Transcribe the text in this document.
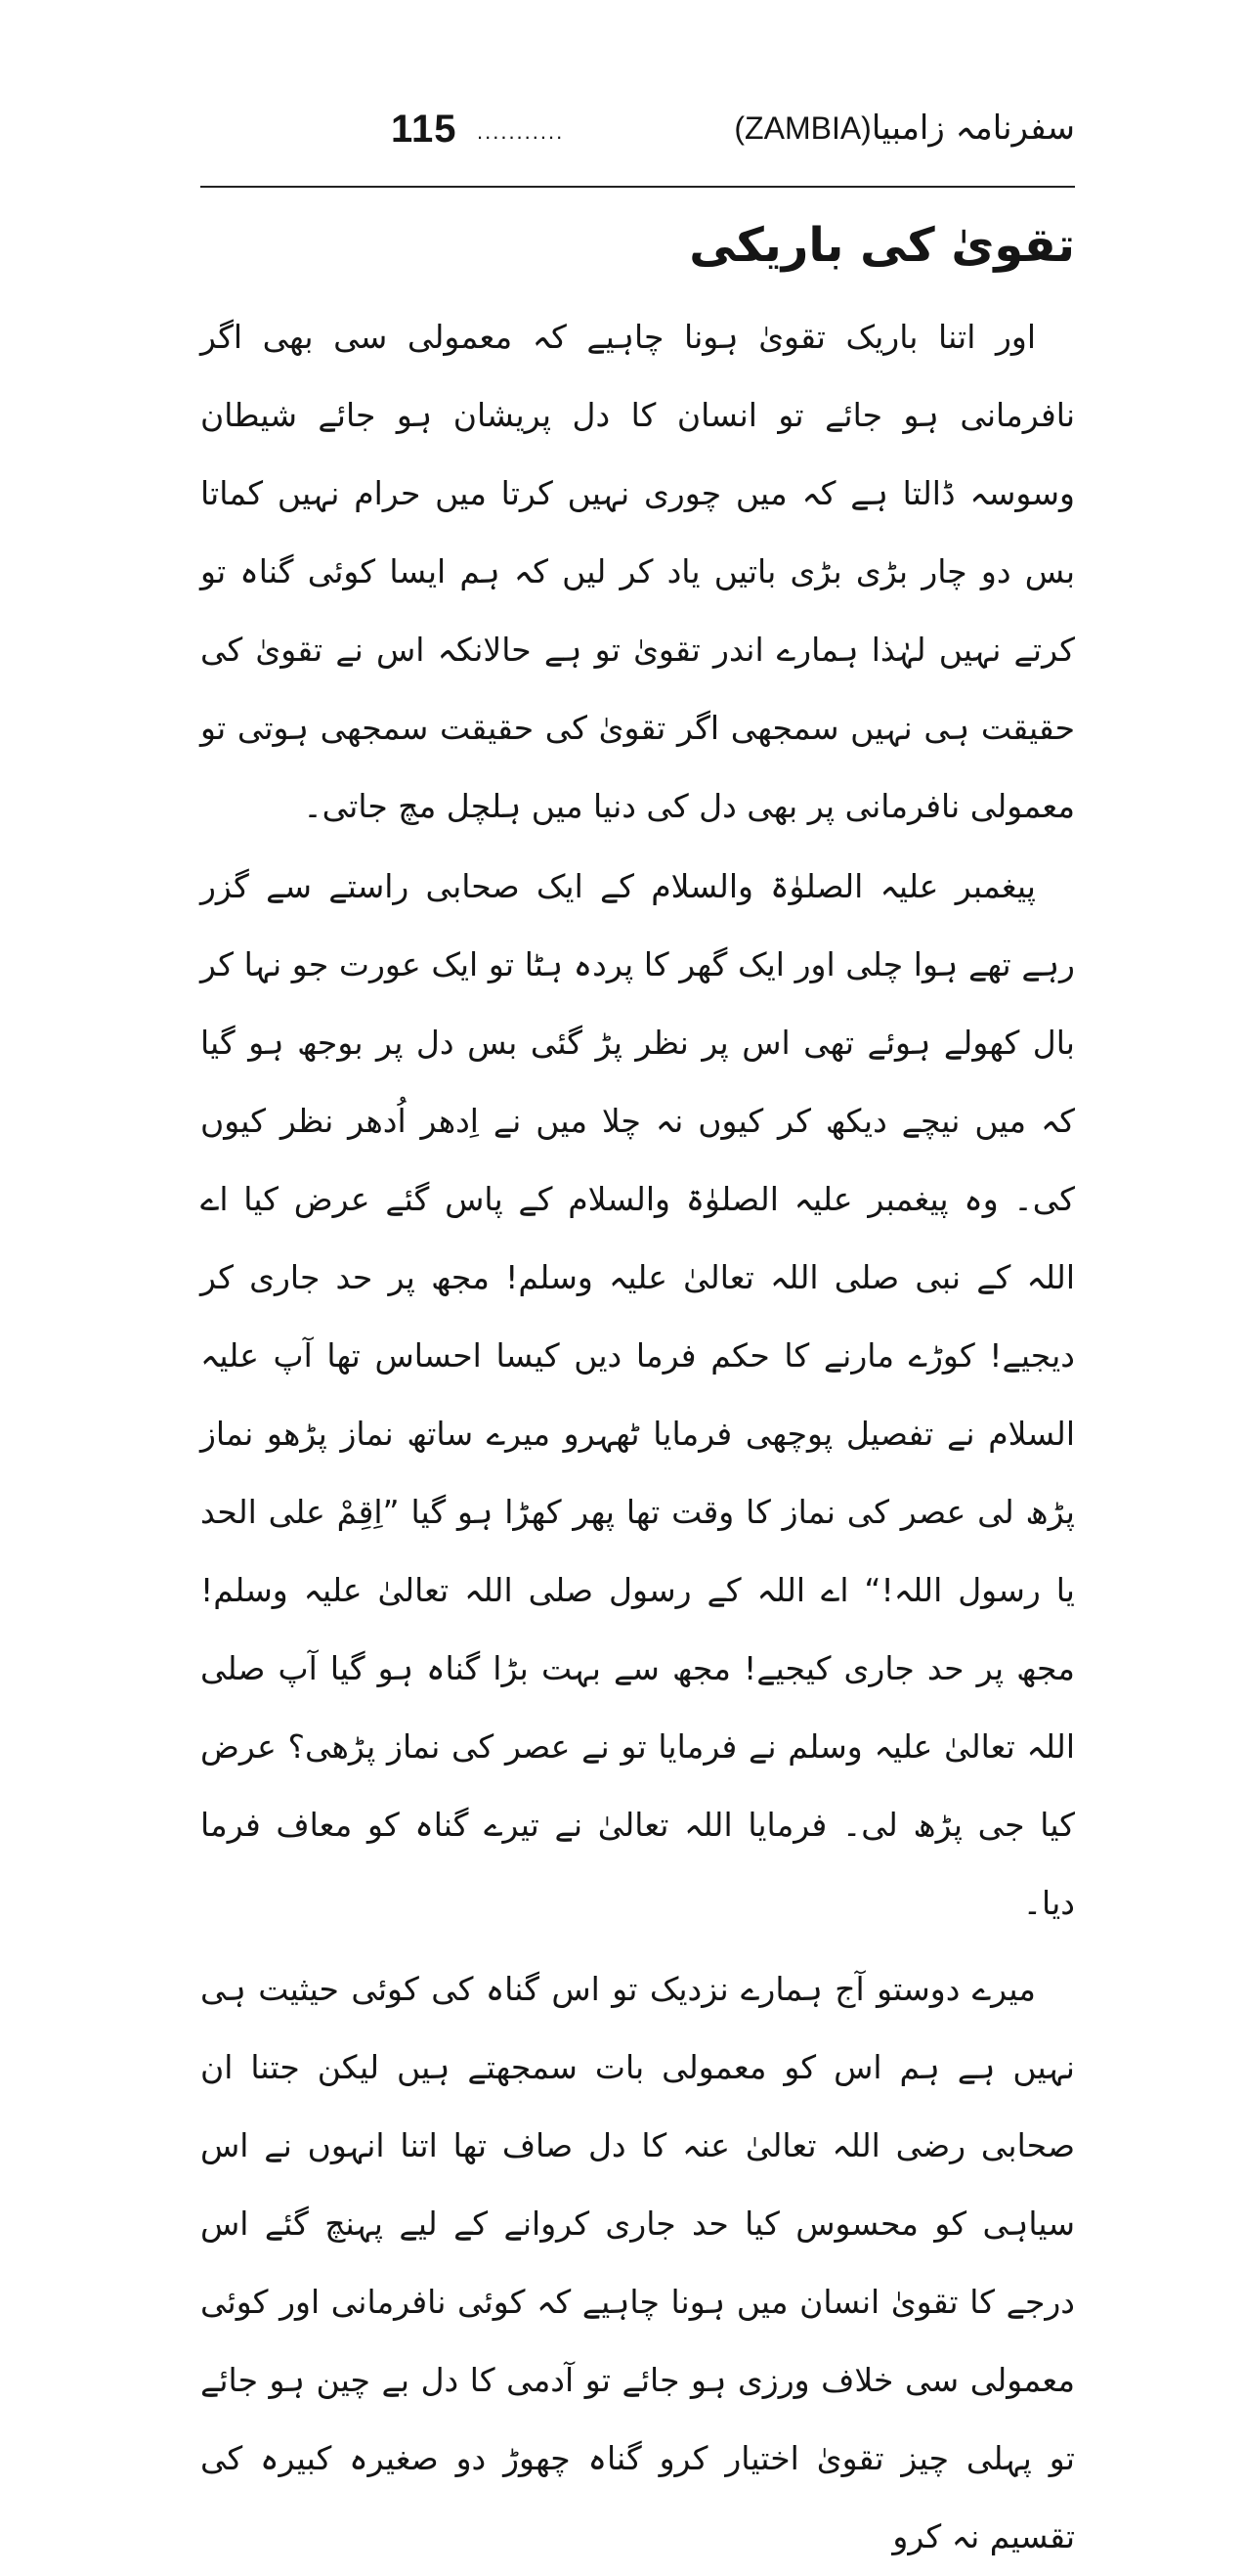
115 ...........	سفرنامہ زامبیا(ZAMBIA)
تقویٰ کی باریکی

اور اتنا باریک تقویٰ ہونا چاہیے کہ معمولی سی بھی اگر نافرمانی ہو جائے تو انسان کا دل پریشان ہو جائے شیطان وسوسہ ڈالتا ہے کہ میں چوری نہیں کرتا میں حرام نہیں کماتا بس دو چار بڑی بڑی باتیں یاد کر لیں کہ ہم ایسا کوئی گناہ تو کرتے نہیں لہٰذا ہمارے اندر تقویٰ تو ہے حالانکہ اس نے تقویٰ کی حقیقت ہی نہیں سمجھی اگر تقویٰ کی حقیقت سمجھی ہوتی تو معمولی نافرمانی پر بھی دل کی دنیا میں ہلچل مچ جاتی۔

پیغمبر علیہ الصلوٰۃ والسلام کے ایک صحابی راستے سے گزر رہے تھے ہوا چلی اور ایک گھر کا پردہ ہٹا تو ایک عورت جو نہا کر بال کھولے ہوئے تھی اس پر نظر پڑ گئی بس دل پر بوجھ ہو گیا کہ میں نیچے دیکھ کر کیوں نہ چلا میں نے اِدھر اُدھر نظر کیوں کی۔ وہ پیغمبر علیہ الصلوٰۃ والسلام کے پاس گئے عرض کیا اے اللہ کے نبی صلی اللہ تعالیٰ علیہ وسلم! مجھ پر حد جاری کر دیجیے! کوڑے مارنے کا حکم فرما دیں کیسا احساس تھا آپ علیہ السلام نے تفصیل پوچھی فرمایا ٹھہرو میرے ساتھ نماز پڑھو نماز پڑھ لی عصر کی نماز کا وقت تھا پھر کھڑا ہو گیا ”اِقِمْ علی الحد یا رسول اللہ!“ اے اللہ کے رسول صلی اللہ تعالیٰ علیہ وسلم! مجھ پر حد جاری کیجیے! مجھ سے بہت بڑا گناہ ہو گیا آپ صلی اللہ تعالیٰ علیہ وسلم نے فرمایا تو نے عصر کی نماز پڑھی؟ عرض کیا جی پڑھ لی۔ فرمایا اللہ تعالیٰ نے تیرے گناہ کو معاف فرما دیا۔

میرے دوستو آج ہمارے نزدیک تو اس گناہ کی کوئی حیثیت ہی نہیں ہے ہم اس کو معمولی بات سمجھتے ہیں لیکن جتنا ان صحابی رضی اللہ تعالیٰ عنہ کا دل صاف تھا اتنا انہوں نے اس سیاہی کو محسوس کیا حد جاری کروانے کے لیے پہنچ گئے اس درجے کا تقویٰ انسان میں ہونا چاہیے کہ کوئی نافرمانی اور کوئی معمولی سی خلاف ورزی ہو جائے تو آدمی کا دل بے چین ہو جائے تو پہلی چیز تقویٰ اختیار کرو گناہ چھوڑ دو صغیرہ کبیرہ کی تقسیم نہ کرو
